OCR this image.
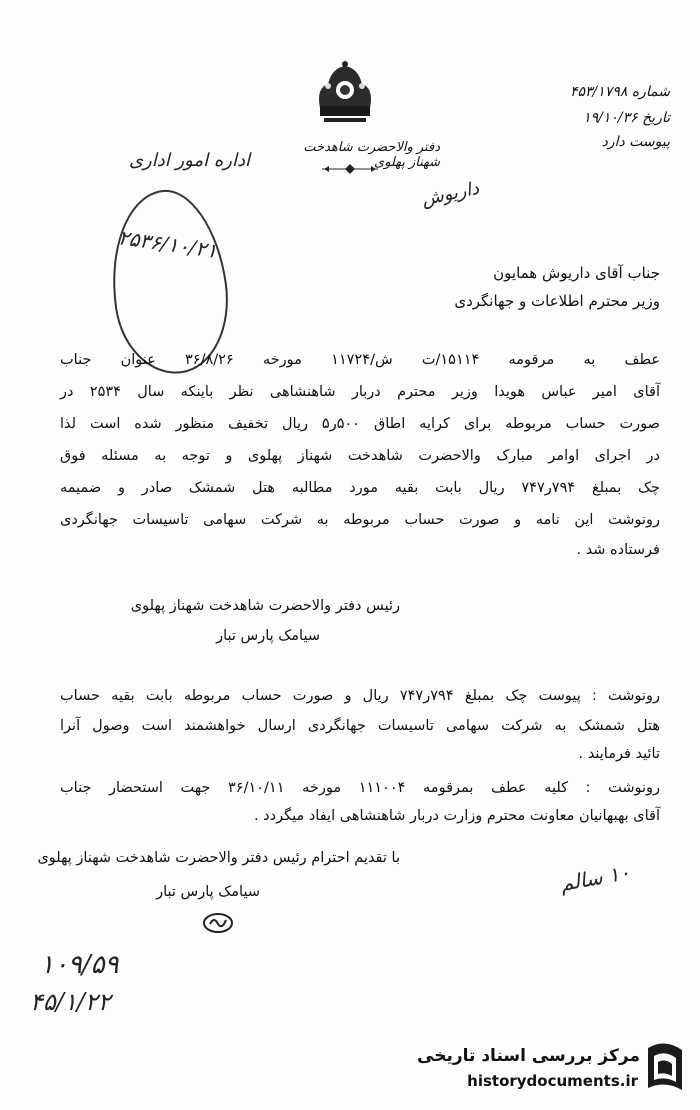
دفتر والاحضرت شاهدخت شهناز پهلوی
شماره ۴۵۳/۱۷۹۸
تاریخ ۱۹/۱۰/۳۶
پیوست دارد
اداره امور اداری
۲۵۳۶/۱۰/۲۱
داریوش
جناب آقای داریوش همایون
وزیر محترم اطلاعات و جهانگردی
عطف به مرقومه ۱۵۱۱۴/ت ش/۱۱۷۲۴ مورخه ۳۶/۸/۲۶ عنوان جناب
آقای امیر عباس هویدا وزیر محترم دربار شاهنشاهی نظر باینکه سال ۲۵۳۴ در
صورت حساب مربوطه برای کرایه اطاق ۵۰۰ر۵ ریال تخفیف منظور شده است لذا
در اجرای اوامر مبارک والاحضرت شاهدخت شهناز پهلوی و توجه به مسئله فوق
چک بمبلغ ۷۹۴ر۷۴۷ ریال بابت بقیه مورد مطالبه هتل شمشک صادر و ضمیمه
رونوشت این نامه و صورت حساب مربوطه به شرکت سهامی تاسیسات جهانگردی
فرستاده شد .
رئیس دفتر والاحضرت شاهدخت شهناز پهلوی
سیامک پارس تبار
رونوشت : پیوست چک بمبلغ ۷۹۴ر۷۴۷ ریال و صورت حساب مربوطه بابت بقیه حساب
هتل شمشک به شرکت سهامی تاسیسات جهانگردی ارسال خواهشمند است وصول آنرا
تائید فرمایند .
رونوشت : کلیه عطف بمرقومه ۱۱۱۰۰۴ مورخه ۳۶/۱۰/۱۱ جهت استحضار جناب
آقای بهبهانیان معاونت محترم وزارت دربار شاهنشاهی ایفاد میگردد .
با تقدیم احترام رئیس دفتر والاحضرت شاهدخت شهناز پهلوی
سیامک پارس تبار	۱۰ سالم
۱۰۹/۵۹
۴۵/۱/۲۲
مرکز بررسی اسناد تاریخی
historydocuments.ir
